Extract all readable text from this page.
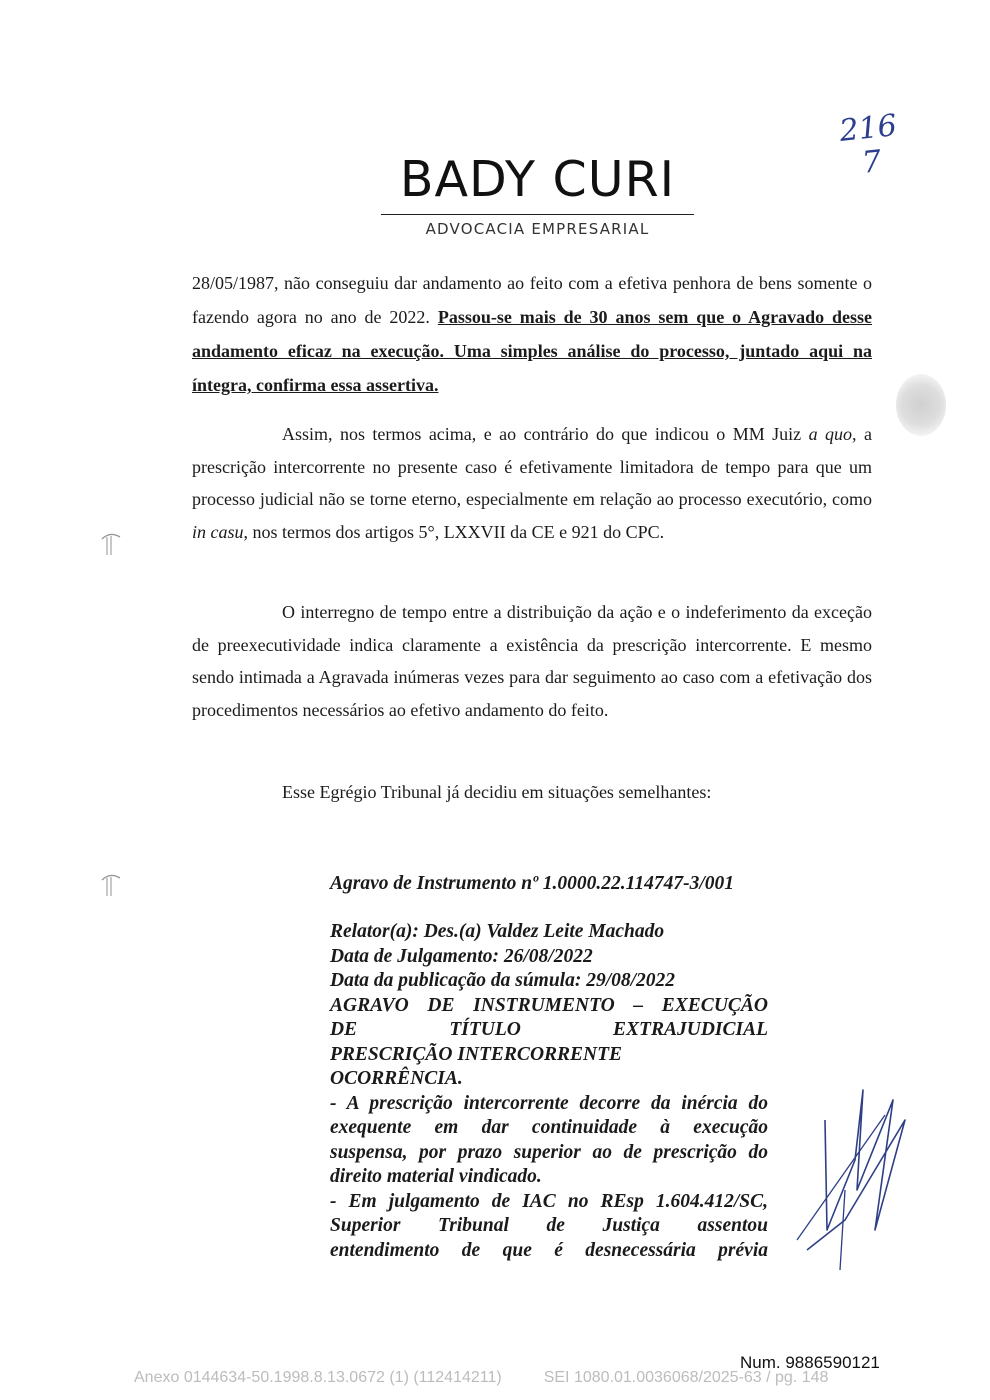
BADY CURI
ADVOCACIA EMPRESARIAL
216
7
28/05/1987, não conseguiu dar andamento ao feito com a efetiva penhora de bens somente o fazendo agora no ano de 2022. Passou-se mais de 30 anos sem que o Agravado desse andamento eficaz na execução. Uma simples análise do processo, juntado aqui na íntegra, confirma essa assertiva.
Assim, nos termos acima, e ao contrário do que indicou o MM Juiz a quo, a prescrição intercorrente no presente caso é efetivamente limitadora de tempo para que um processo judicial não se torne eterno, especialmente em relação ao processo executório, como in casu, nos termos dos artigos 5°, LXXVII da CE e 921 do CPC.
O interregno de tempo entre a distribuição da ação e o indeferimento da exceção de preexecutividade indica claramente a existência da prescrição intercorrente. E mesmo sendo intimada a Agravada inúmeras vezes para dar seguimento ao caso com a efetivação dos procedimentos necessários ao efetivo andamento do feito.
Esse Egrégio Tribunal já decidiu em situações semelhantes:
Agravo de Instrumento nº 1.0000.22.114747-3/001
Relator(a): Des.(a) Valdez Leite Machado
Data de Julgamento: 26/08/2022
Data da publicação da súmula: 29/08/2022
AGRAVO DE INSTRUMENTO – EXECUÇÃO
DE TÍTULO EXTRAJUDICIAL
PRESCRIÇÃO INTERCORRENTE
OCORRÊNCIA.
- A prescrição intercorrente decorre da inércia do
exequente em dar continuidade à execução
suspensa, por prazo superior ao de prescrição do
direito material vindicado.
- Em julgamento de IAC no REsp 1.604.412/SC,
Superior Tribunal de Justiça assentou
entendimento de que é desnecessária prévia
Num. 9886590121
Anexo 0144634-50.1998.8.13.0672 (1) (112414211)	SEI 1080.01.0036068/2025-63 / pg. 148
